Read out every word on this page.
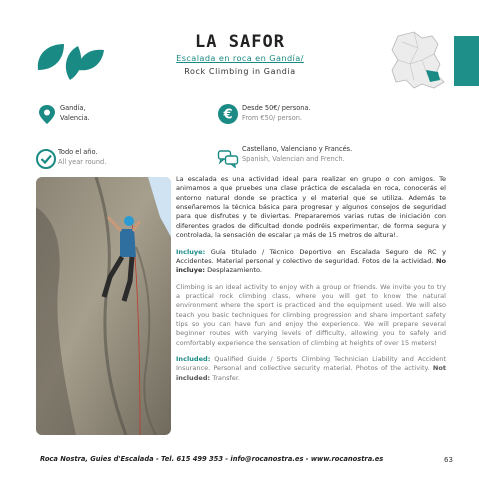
LA SAFOR
Escalada en roca en Gandía/
Rock Climbing in Gandia
Gandía,
Valencia.	€ Desde 50€/ persona.
From €50/ person.
Todo el año.
All year round.
Castellano, Valenciano y Francés.
Spanish, Valencian and French.

La escalada es una actividad ideal para realizar en grupo o con amigos. Te animamos a que pruebes una clase práctica de escalada en roca, conocerás el entorno natural donde se practica y el material que se utiliza. Además te enseñaremos la técnica básica para progresar y algunos consejos de seguridad para que disfrutes y te diviertas. Prepararemos varias rutas de iniciación con diferentes grados de dificultad donde podréis experimentar, de forma segura y controlada, la sensación de escalar ¡a más de 15 metros de altura!.

Incluye: Guía titulado / Técnico Deportivo en Escalada Seguro de RC y Accidentes. Material personal y colectivo de seguridad. Fotos de la actividad. No incluye: Desplazamiento.

Climbing is an ideal activity to enjoy with a group or friends. We invite you to try a practical rock climbing class, where you will get to know the natural environment where the sport is practiced and the equipment used. We will also teach you basic techniques for climbing progression and share important safety tips so you can have fun and enjoy the experience. We will prepare several beginner routes with varying levels of difficulty, allowing you to safely and comfortably experience the sensation of climbing at heights of over 15 meters!

Included: Qualified Guide / Sports Climbing Technician Liability and Accident Insurance. Personal and collective security material. Photos of the activity. Not included: Transfer.

Roca Nostra, Guies d'Escalada - Tel. 615 499 353 - info@rocanostra.es - www.rocanostra.es	63
